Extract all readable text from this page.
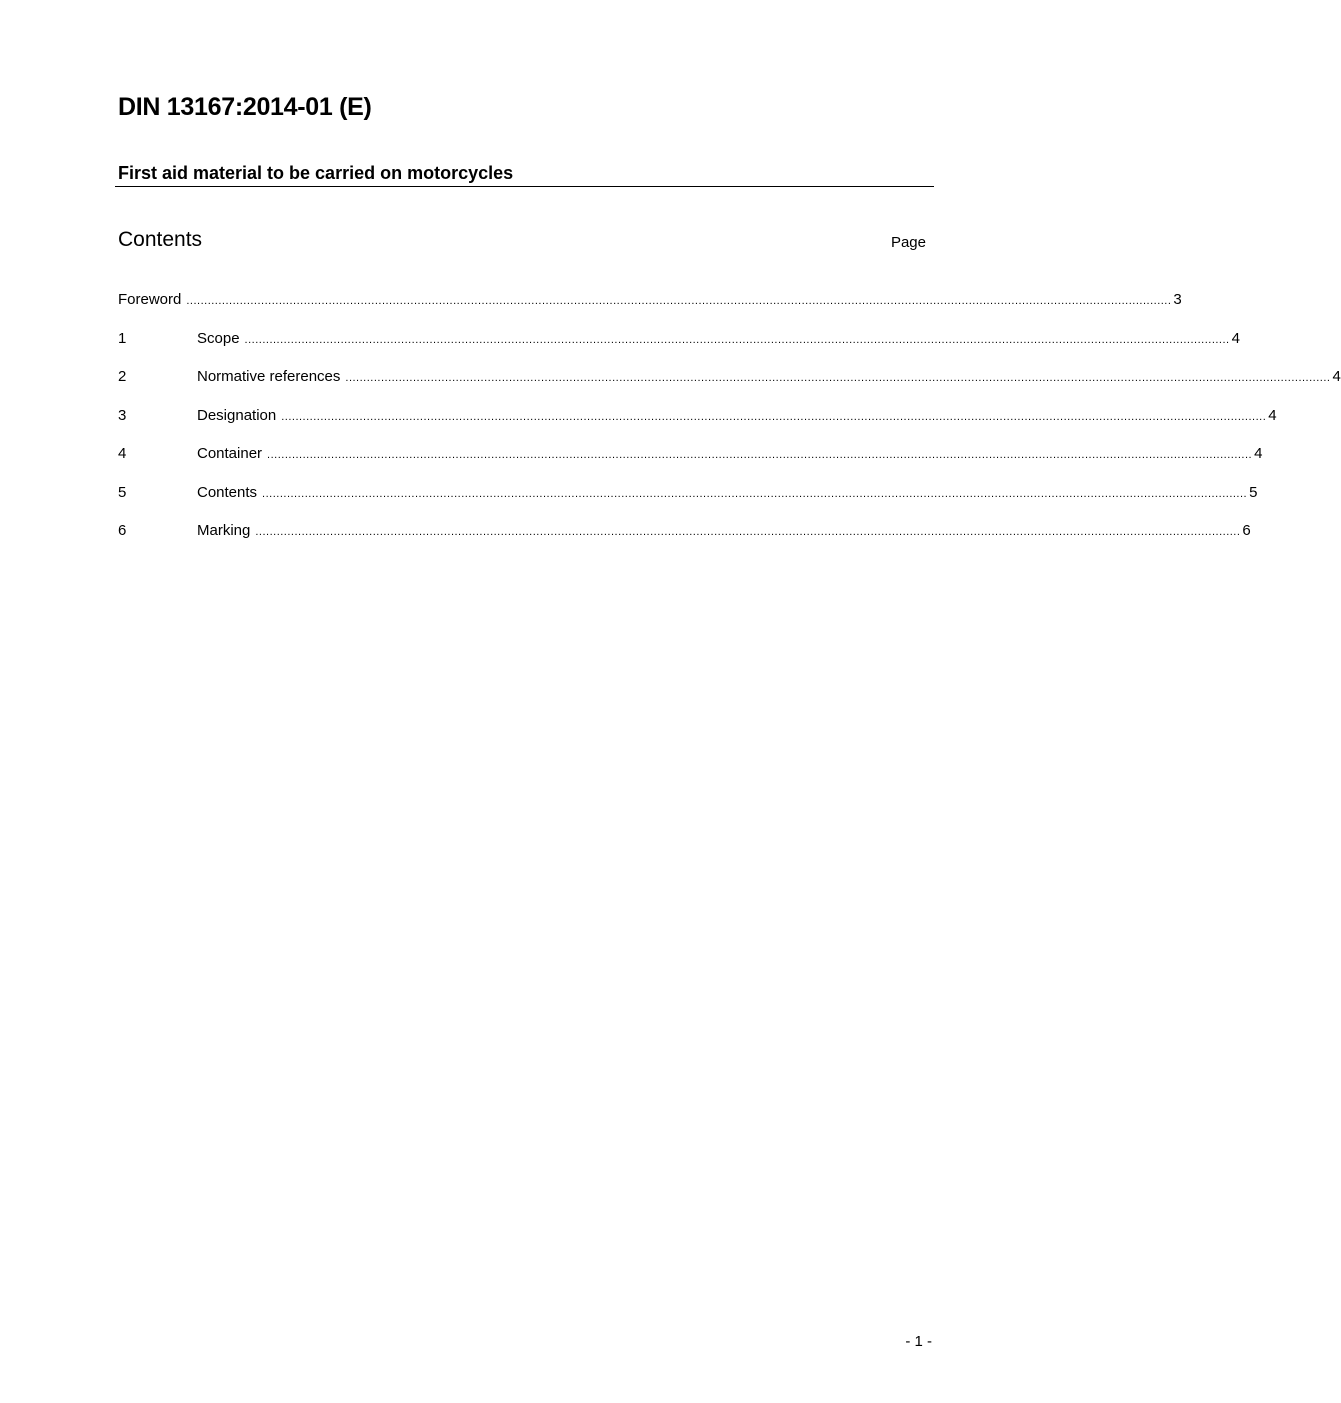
DIN 13167:2014-01 (E)
First aid material to be carried on motorcycles
Contents	Page
Foreword ..................................................................................................................................................................................................................................................................................... 3
1	Scope ..................................................................................................................................................................................................................................................................................... 4
2	Normative references ..................................................................................................................................................................................................................................................................................... 4
3	Designation ..................................................................................................................................................................................................................................................................................... 4
4	Container ..................................................................................................................................................................................................................................................................................... 4
5	Contents ..................................................................................................................................................................................................................................................................................... 5
6	Marking ..................................................................................................................................................................................................................................................................................... 6
- 1 -
